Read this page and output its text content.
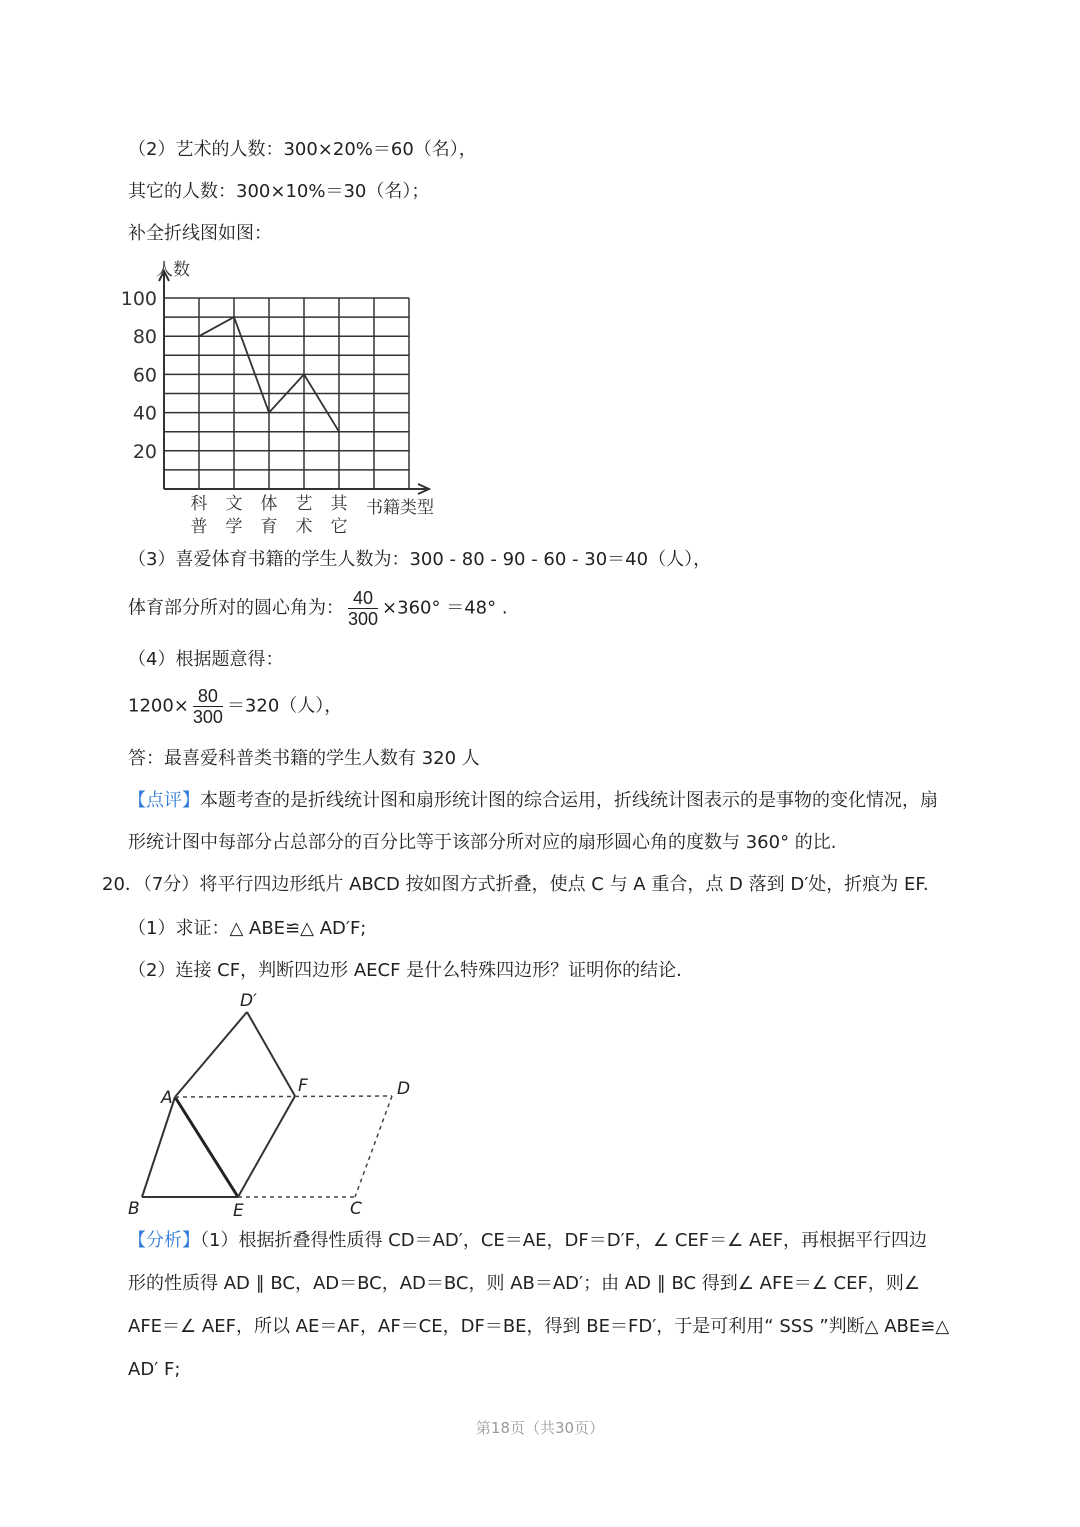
（2）艺术的人数：300×20%＝60（名），
其它的人数：300×10%＝30（名）；
补全折线图如图：
100
80
60
40
20
科
普
文
学
体
育
艺
术
其
它
人数
书籍类型
（3）喜爱体育书籍的学生人数为：300 - 80 - 90 - 60 - 30＝40（人），
体育部分所对的圆心角为： $\frac{40}{300} \times 360^\circ =48^\circ$ .
（4）根据题意得：
$1200\times \frac{80}{300} =320$（人），
答：最喜爱科普类书籍的学生人数有 320 人
【点评】本题考查的是折线统计图和扇形统计图的综合运用，折线统计图表示的是事物的变化情况，扇
形统计图中每部分占总部分的百分比等于该部分所对应的扇形圆心角的度数与 360° 的比.
20．（7分）将平行四边形纸片 ABCD 按如图方式折叠，使点 C 与 A 重合，点 D 落到 D′处，折痕为 EF.
（1）求证：△ ABE≌△ AD′F;
（2）连接 CF，判断四边形 AECF 是什么特殊四边形？证明你的结论.
D′
A
F	D
B	E	C
【分析】（1）根据折叠得性质得 CD＝AD′，CE＝AE，DF＝D′F，∠ CEF＝∠ AEF，再根据平行四边
形的性质得 AD ∥ BC，AD＝BC，AD＝BC，则 AB＝AD′；由 AD ∥ BC 得到∠ AFE＝∠ CEF，则∠
AFE＝∠ AEF，所以 AE＝AF，AF＝CE，DF＝BE，得到 BE＝FD′，于是可利用“ SSS ”判断△ ABE≌△
AD′ F;
第18页（共30页）
